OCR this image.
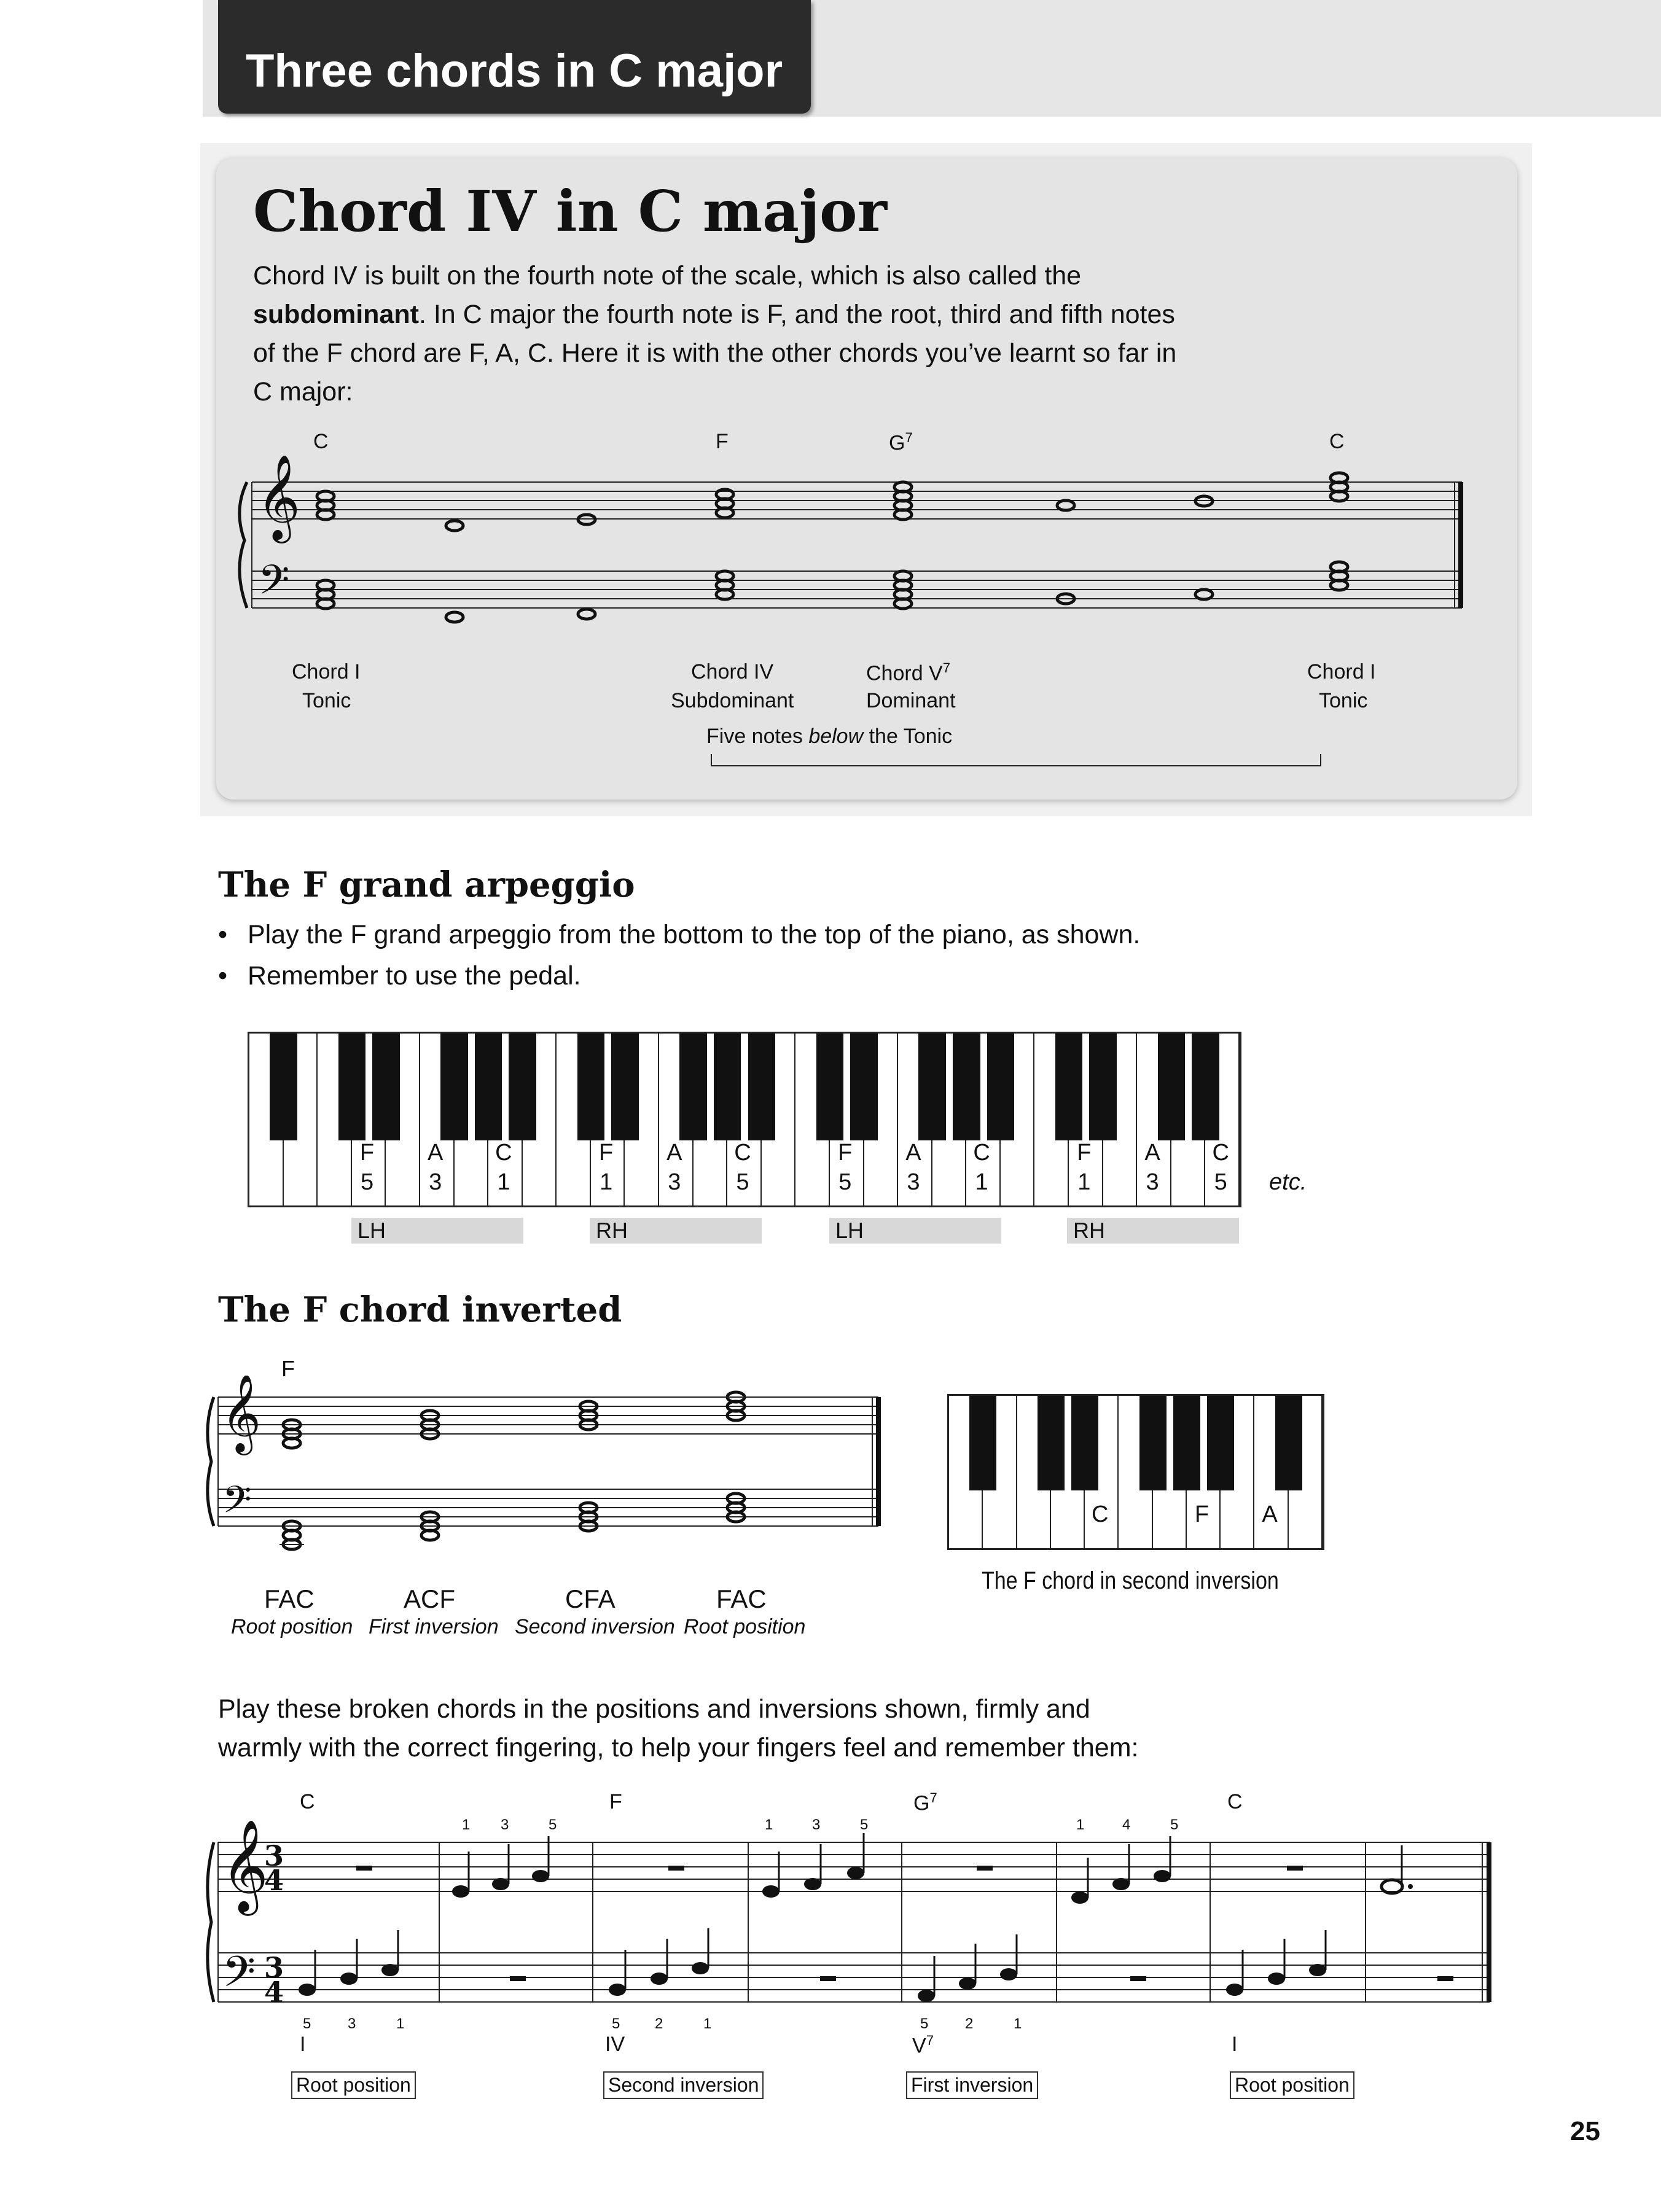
Three chords in C major
Chord IV in C major
Chord IV is built on the fourth note of the scale, which is also called the subdominant. In C major the fourth note is F, and the root, third and fifth notes of the F chord are F, A, C. Here it is with the other chords you’ve learnt so far in C major:
𝄞
𝄢
C	F	$G^7$	C
Chord I
Tonic
Chord IV
Subdominant
Chord $V^7$
Dominant
Chord I
Tonic
Five notes below the Tonic
The F grand arpeggio
• Play the F grand arpeggio from the bottom to the top of the piano, as shown.
• Remember to use the pedal.
F
5
A
3
C
1
F
1
A
3
C
5
F
5
A
3
C
1
F
1
A
3
C
5	etc.
LH	RH	LH	RH
The F chord inverted
F
𝄞
𝄢
FAC
Root position
ACF
First inversion
CFA
Second inversion
FAC
Root position
C	F	A
The F chord in second inversion
Play these broken chords in the positions and inversions shown, firmly and
warmly with the correct fingering, to help your fingers feel and remember them:
𝄞
𝄢
3
4
3
4
C	F	$G^7$	C
I	IV	$V^7$	I
Root position	Second inversion	First inversion	Root position
25
1 3	5	1	3	5	1	4	5
5 3	1	5 2	1	5 2	1
